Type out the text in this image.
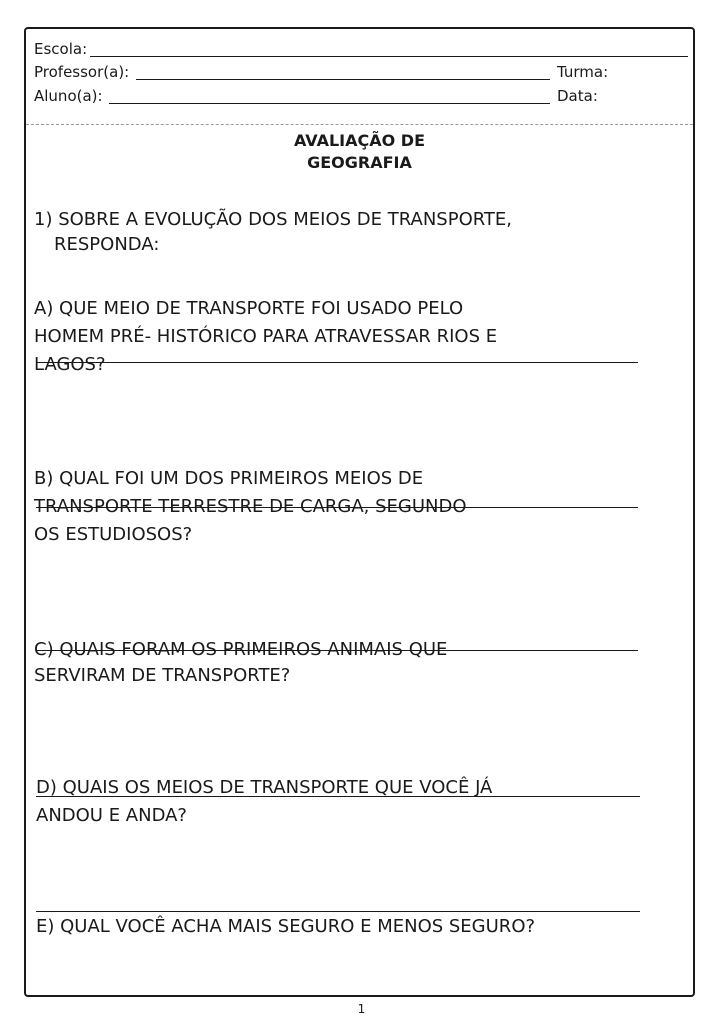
Escola:
Professor(a):	Turma:
Aluno(a):	Data:
AVALIAÇÃO DE
GEOGRAFIA
1) SOBRE A EVOLUÇÃO DOS MEIOS DE TRANSPORTE,
RESPONDA:
A) QUE MEIO DE TRANSPORTE FOI USADO PELO
HOMEM PRÉ- HISTÓRICO PARA ATRAVESSAR RIOS E
LAGOS?
B) QUAL FOI UM DOS PRIMEIROS MEIOS DE
TRANSPORTE TERRESTRE DE CARGA, SEGUNDO
OS ESTUDIOSOS?
C) QUAIS FORAM OS PRIMEIROS ANIMAIS QUE
SERVIRAM DE TRANSPORTE?
D) QUAIS OS MEIOS DE TRANSPORTE QUE VOCÊ JÁ
ANDOU E ANDA?
E) QUAL VOCÊ ACHA MAIS SEGURO E MENOS SEGURO?
1
